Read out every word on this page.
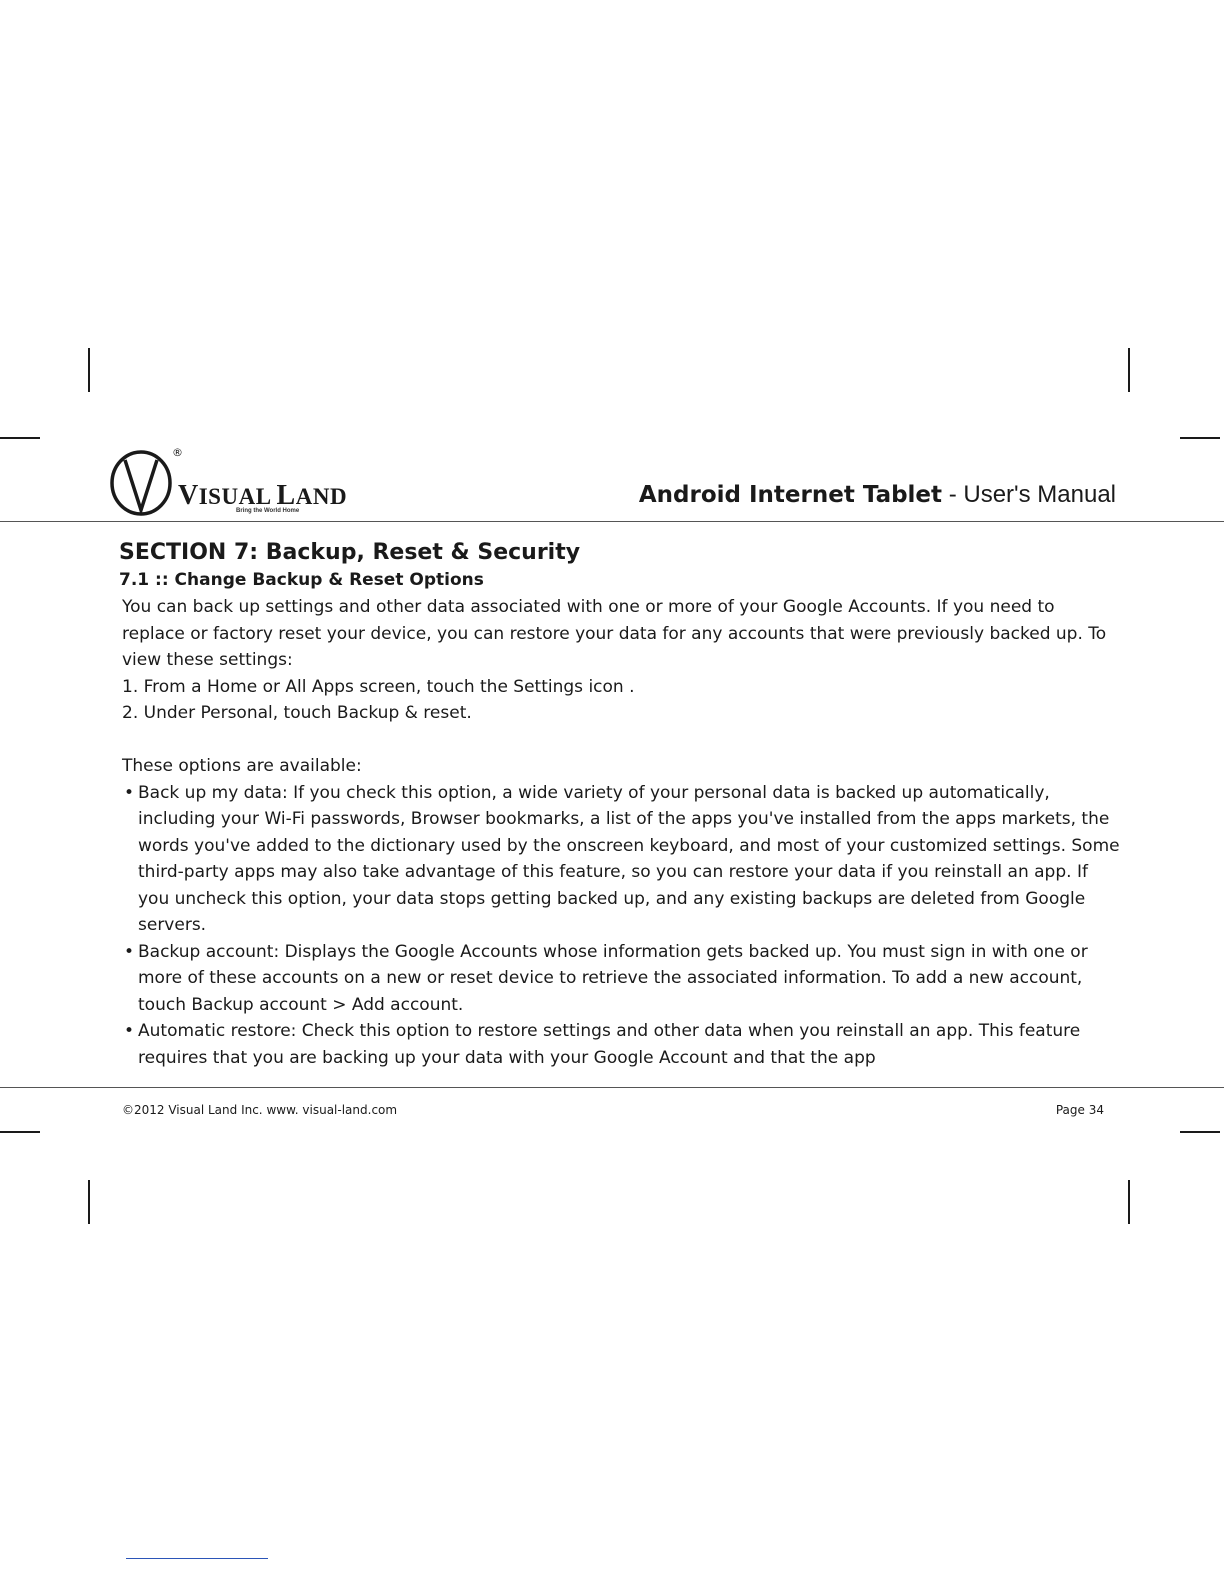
®
VISUAL LAND
Bring the World Home
Android Internet Tablet - User's Manual
SECTION 7: Backup, Reset & Security
7.1 :: Change Backup & Reset Options

You can back up settings and other data associated with one or more of your Google Accounts. If you need to replace or factory reset your device, you can restore your data for any accounts that were previously backed up. To view these settings:

1. From a Home or All Apps screen, touch the Settings icon .

2. Under Personal, touch Backup & reset.

These options are available:

• Back up my data: If you check this option, a wide variety of your personal data is backed up automatically, including your Wi-Fi passwords, Browser bookmarks, a list of the apps you've installed from the apps markets, the words you've added to the dictionary used by the onscreen keyboard, and most of your customized settings. Some third-party apps may also take advantage of this feature, so you can restore your data if you reinstall an app. If you uncheck this option, your data stops getting backed up, and any existing backups are deleted from Google servers.
• Backup account: Displays the Google Accounts whose information gets backed up. You must sign in with one or more of these accounts on a new or reset device to retrieve the associated information. To add a new account, touch Backup account > Add account.
• Automatic restore: Check this option to restore settings and other data when you reinstall an app. This feature requires that you are backing up your data with your Google Account and that the app
©2012 Visual Land Inc. www. visual-land.com	Page 34
